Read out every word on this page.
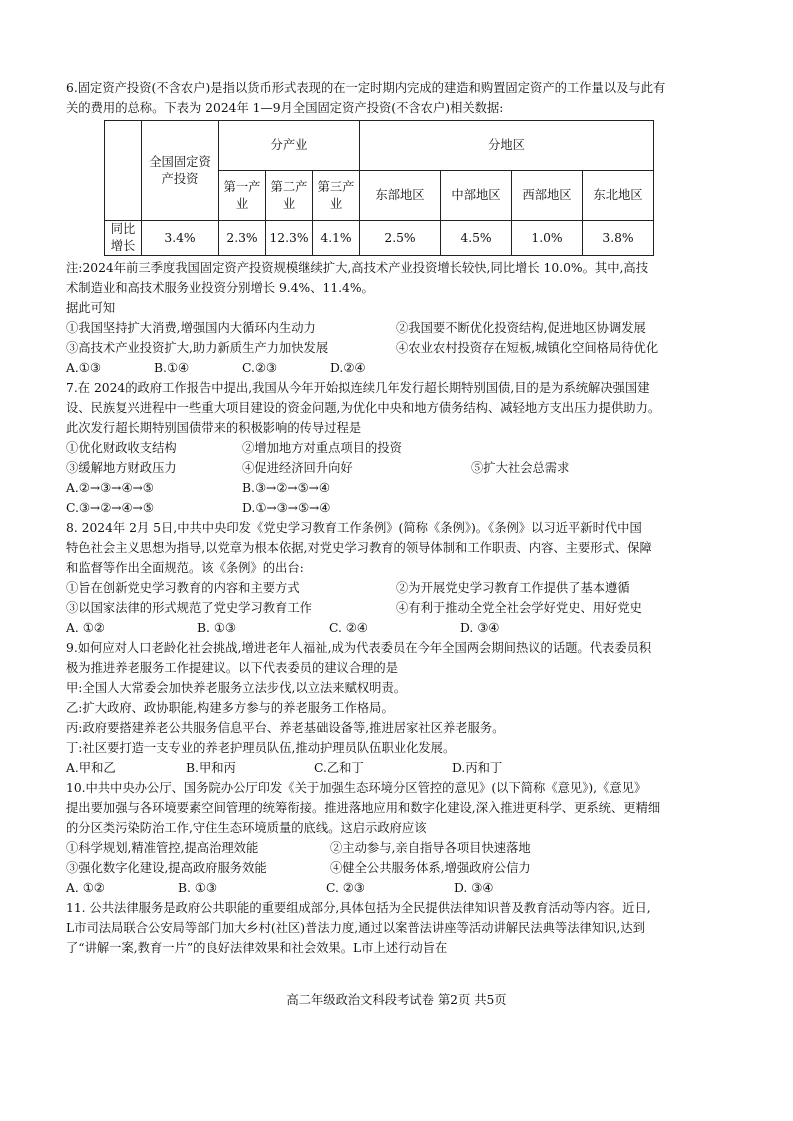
6.固定资产投资(不含农户)是指以货币形式表现的在一定时期内完成的建造和购置固定资产的工作量以及与此有
关的费用的总称。下表为 2024年 1—9月全国固定资产投资(不含农户)相关数据:
	全国固定资产投资	分产业			分地区			
		第一产业	第二产业	第三产业	东部地区	中部地区	西部地区	东北地区
同比增长	3.4%	2.3%	12.3%	4.1%	2.5%	4.5%	1.0%	3.8%
注:2024年前三季度我国固定资产投资规模继续扩大,高技术产业投资增长较快,同比增长 10.0%。其中,高技
术制造业和高技术服务业投资分别增长 9.4%、11.4%。
据此可知
①我国坚持扩大消费,增强国内大循环内生动力	②我国要不断优化投资结构,促进地区协调发展
③高技术产业投资扩大,助力新质生产力加快发展	④农业农村投资存在短板,城镇化空间格局待优化
A.①③	B.①④	C.②③	D.②④
7.在 2024的政府工作报告中提出,我国从今年开始拟连续几年发行超长期特别国债,目的是为系统解决强国建
设、民族复兴进程中一些重大项目建设的资金问题,为优化中央和地方债务结构、减轻地方支出压力提供助力。
此次发行超长期特别国债带来的积极影响的传导过程是
①优化财政收支结构	②增加地方对重点项目的投资
③缓解地方财政压力	④促进经济回升向好	⑤扩大社会总需求
A.②→③→④→⑤	B.③→②→⑤→④
C.③→②→④→⑤	D.①→③→⑤→④
8. 2024年 2月 5日,中共中央印发《党史学习教育工作条例》(简称《条例》)。《条例》以习近平新时代中国
特色社会主义思想为指导,以党章为根本依据,对党史学习教育的领导体制和工作职责、内容、主要形式、保障
和监督等作出全面规范。该《条例》的出台:
①旨在创新党史学习教育的内容和主要方式	②为开展党史学习教育工作提供了基本遵循
③以国家法律的形式规范了党史学习教育工作	④有利于推动全党全社会学好党史、用好党史
A. ①②	B. ①③	C. ②④	D. ③④
9.如何应对人口老龄化社会挑战,增进老年人福祉,成为代表委员在今年全国两会期间热议的话题。代表委员积
极为推进养老服务工作提建议。以下代表委员的建议合理的是
甲:全国人大常委会加快养老服务立法步伐,以立法来赋权明责。
乙:扩大政府、政协职能,构建多方参与的养老服务工作格局。
丙:政府要搭建养老公共服务信息平台、养老基础设备等,推进居家社区养老服务。
丁:社区要打造一支专业的养老护理员队伍,推动护理员队伍职业化发展。
A.甲和乙	B.甲和丙	C.乙和丁	D.丙和丁
10.中共中央办公厅、国务院办公厅印发《关于加强生态环境分区管控的意见》(以下简称《意见》),《意见》
提出要加强与各环境要素空间管理的统筹衔接。推进落地应用和数字化建设,深入推进更科学、更系统、更精细
的分区类污染防治工作,守住生态环境质量的底线。这启示政府应该
①科学规划,精准管控,提高治理效能	②主动参与,亲自指导各项目快速落地
③强化数字化建设,提高政府服务效能	④健全公共服务体系,增强政府公信力
A. ①②	B. ①③	C. ②③	D. ③④
11. 公共法律服务是政府公共职能的重要组成部分,具体包括为全民提供法律知识普及教育活动等内容。近日,
L市司法局联合公安局等部门加大乡村(社区)普法力度,通过以案普法讲座等活动讲解民法典等法律知识,达到
了“讲解一案,教育一片”的良好法律效果和社会效果。L市上述行动旨在
高二年级政治文科段考试卷 第2页 共5页
